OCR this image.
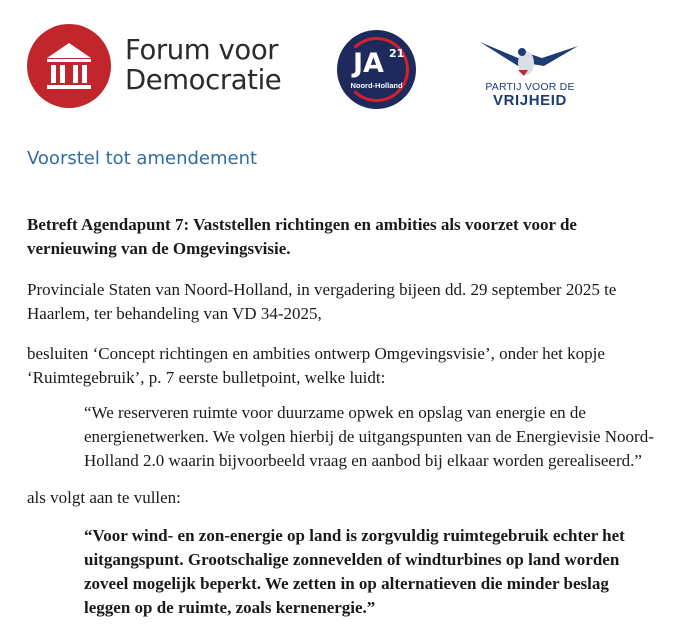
Forum voor
Democratie
JA 21
Noord-Holland	PARTIJ VOOR DE
VRIJHEID
Voorstel tot amendement
Betreft Agendapunt 7: Vaststellen richtingen en ambities als voorzet voor de
vernieuwing van de Omgevingsvisie.
Provinciale Staten van Noord-Holland, in vergadering bijeen dd. 29 september 2025 te
Haarlem, ter behandeling van VD 34-2025,
besluiten ‘Concept richtingen en ambities ontwerp Omgevingsvisie’, onder het kopje
‘Ruimtegebruik’, p. 7 eerste bulletpoint, welke luidt:
“We reserveren ruimte voor duurzame opwek en opslag van energie en de
energienetwerken. We volgen hierbij de uitgangspunten van de Energievisie Noord-
Holland 2.0 waarin bijvoorbeeld vraag en aanbod bij elkaar worden gerealiseerd.”
als volgt aan te vullen:
“Voor wind- en zon-energie op land is zorgvuldig ruimtegebruik echter het
uitgangspunt. Grootschalige zonnevelden of windturbines op land worden
zoveel mogelijk beperkt. We zetten in op alternatieven die minder beslag
leggen op de ruimte, zoals kernenergie.”
